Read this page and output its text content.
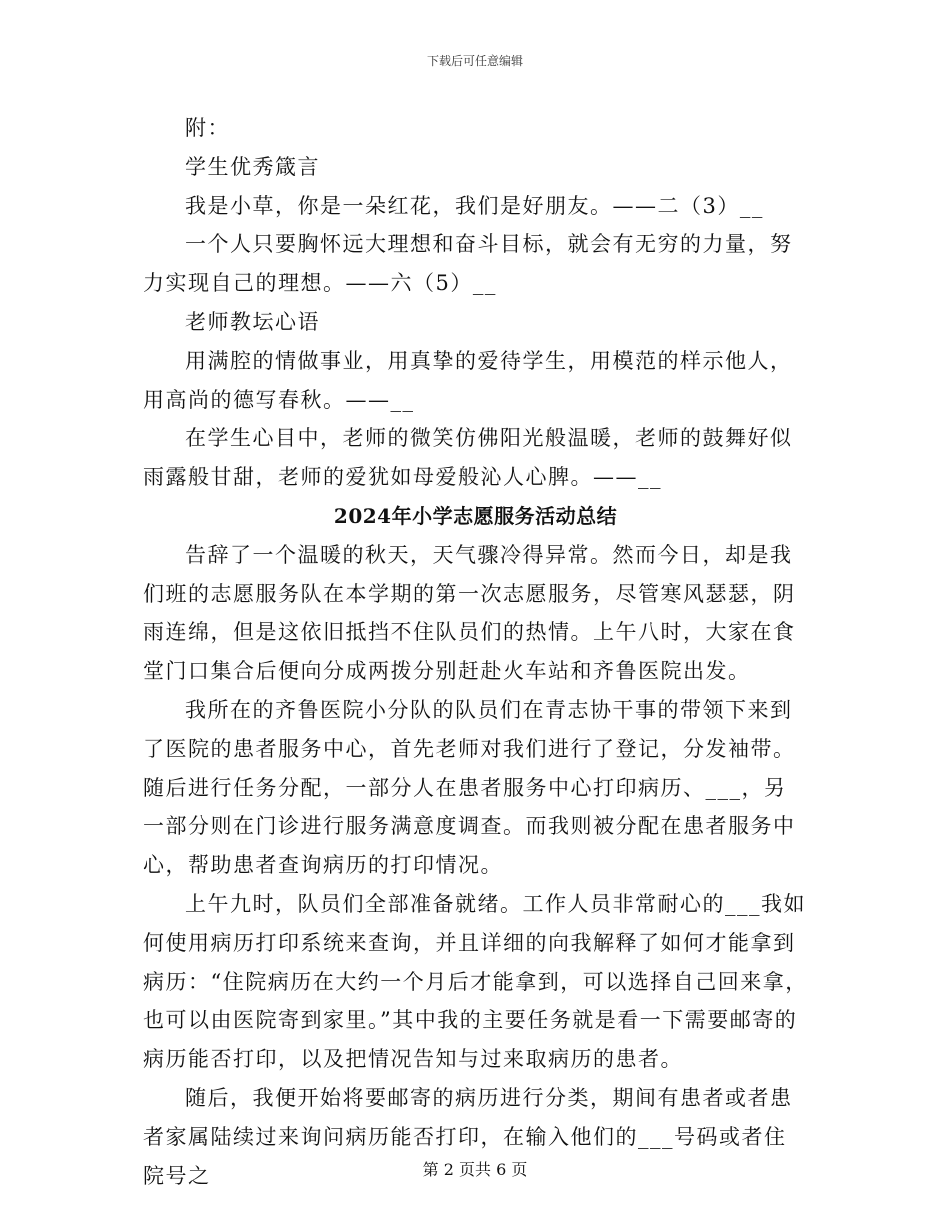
下载后可任意编辑

附：

学生优秀箴言

我是小草，你是一朵红花，我们是好朋友。——二（3）__

一个人只要胸怀远大理想和奋斗目标，就会有无穷的力量，努力实现自己的理想。——六（5）__

老师教坛心语

用满腔的情做事业，用真挚的爱待学生，用模范的样示他人，用高尚的德写春秋。——__

在学生心目中，老师的微笑仿佛阳光般温暖，老师的鼓舞好似雨露般甘甜，老师的爱犹如母爱般沁人心脾。——__

2024年小学志愿服务活动总结

告辞了一个温暖的秋天，天气骤冷得异常。然而今日，却是我们班的志愿服务队在本学期的第一次志愿服务，尽管寒风瑟瑟，阴雨连绵，但是这依旧抵挡不住队员们的热情。上午八时，大家在食堂门口集合后便向分成两拨分别赶赴火车站和齐鲁医院出发。

我所在的齐鲁医院小分队的队员们在青志协干事的带领下来到了医院的患者服务中心，首先老师对我们进行了登记，分发袖带。随后进行任务分配，一部分人在患者服务中心打印病历、___，另一部分则在门诊进行服务满意度调查。而我则被分配在患者服务中心，帮助患者查询病历的打印情况。

上午九时，队员们全部准备就绪。工作人员非常耐心的___我如何使用病历打印系统来查询，并且详细的向我解释了如何才能拿到病历：“住院病历在大约一个月后才能拿到，可以选择自己回来拿，也可以由医院寄到家里。”其中我的主要任务就是看一下需要邮寄的病历能否打印，以及把情况告知与过来取病历的患者。

随后，我便开始将要邮寄的病历进行分类，期间有患者或者患者家属陆续过来询问病历能否打印，在输入他们的___号码或者住院号之	第 2 页共 6 页
